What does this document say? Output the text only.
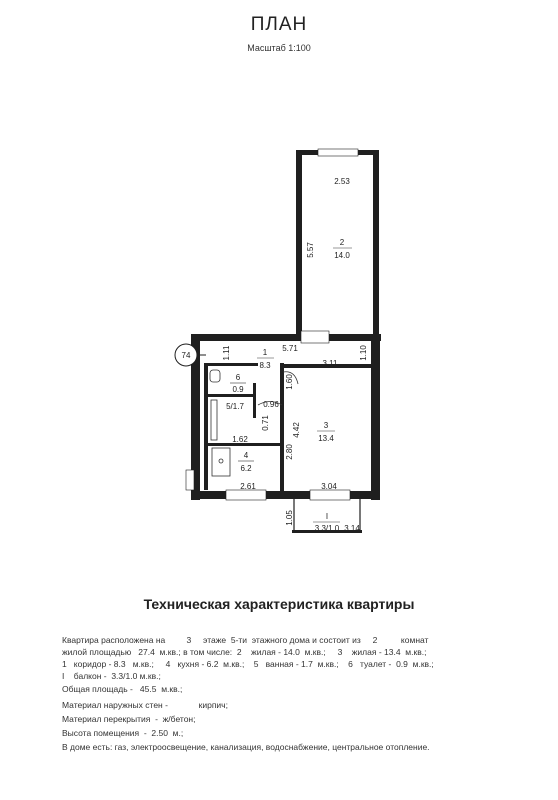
ПЛАН
Масштаб 1:100
74
2
14.0
1
8.3
3
13.4
4
6.2
5/1.7
6
0.9
I
3.3/1.0
2.53
5.57
5.71
1.11	1.10
3.11
1.60
0.96
0.71
1.62
4.42
2.80
2.61	3.04
1.05
3.14
Техническая характеристика квартиры
Квартира расположена на         3     этаже  5-ти  этажного дома и состоит из     2          комнат
жилой площадью   27.4  м.кв.; в том числе:  2    жилая - 14.0  м.кв.;     3    жилая - 13.4  м.кв.;
1   коридор - 8.3   м.кв.;     4   кухня - 6.2  м.кв.;    5   ванная - 1.7  м.кв.;    6   туалет -  0.9  м.кв.;
I    балкон -  3.3/1.0 м.кв.;
Общая площадь -   45.5  м.кв.;
Материал наружных стен -             кирпич;
Материал перекрытия  -  ж/бетон;
Высота помещения  -  2.50  м.;
В доме есть: газ, электроосвещение, канализация, водоснабжение, центральное отопление.
